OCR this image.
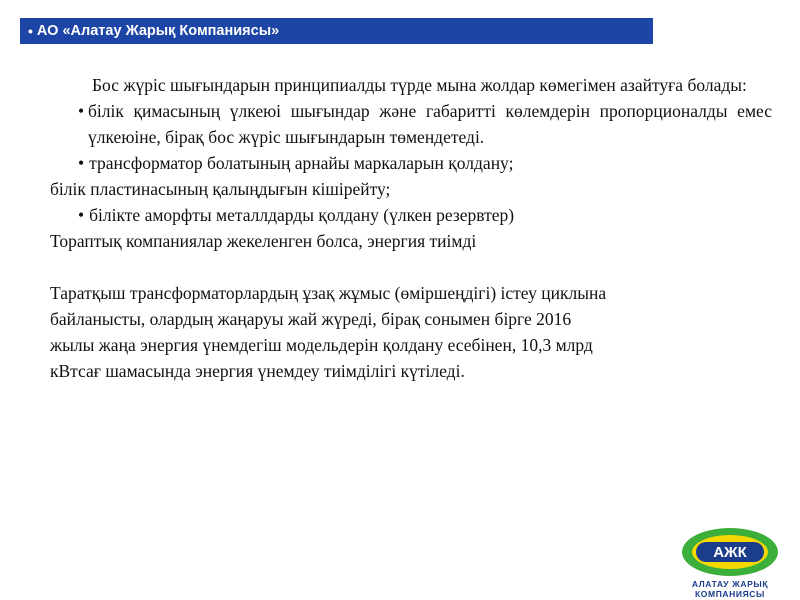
• АО «Алатау Жарық Компаниясы»

Бос жүріс шығындарын принципиалды түрде мына жолдар көмегімен азайтуға болады:

• білік қимасының үлкеюі шығындар және габаритті көлемдерін пропорционалды емес үлкеюіне, бірақ бос жүріс шығындарын төмендетеді.

• трансформатор болатының арнайы маркаларын қолдану;

білік пластинасының қалыңдығын кішірейту;

• білікте аморфты металлдарды қолдану (үлкен резервтер)

Тораптық компаниялар жекеленген болса, энергия тиімді

Таратқыш трансформаторлардың ұзақ жұмыс (өміршеңдігі) істеу циклына

байланысты, олардың жаңаруы жай жүреді, бірақ сонымен бірге 2016

жылы жаңа энергия үнемдегіш модельдерін қолдану есебінен, 10,3 млрд

кВтсағ шамасында энергия үнемдеу тиімділігі күтіледі.

АЖК
АЛАТАУ ЖАРЫҚ
КОМПАНИЯСЫ
